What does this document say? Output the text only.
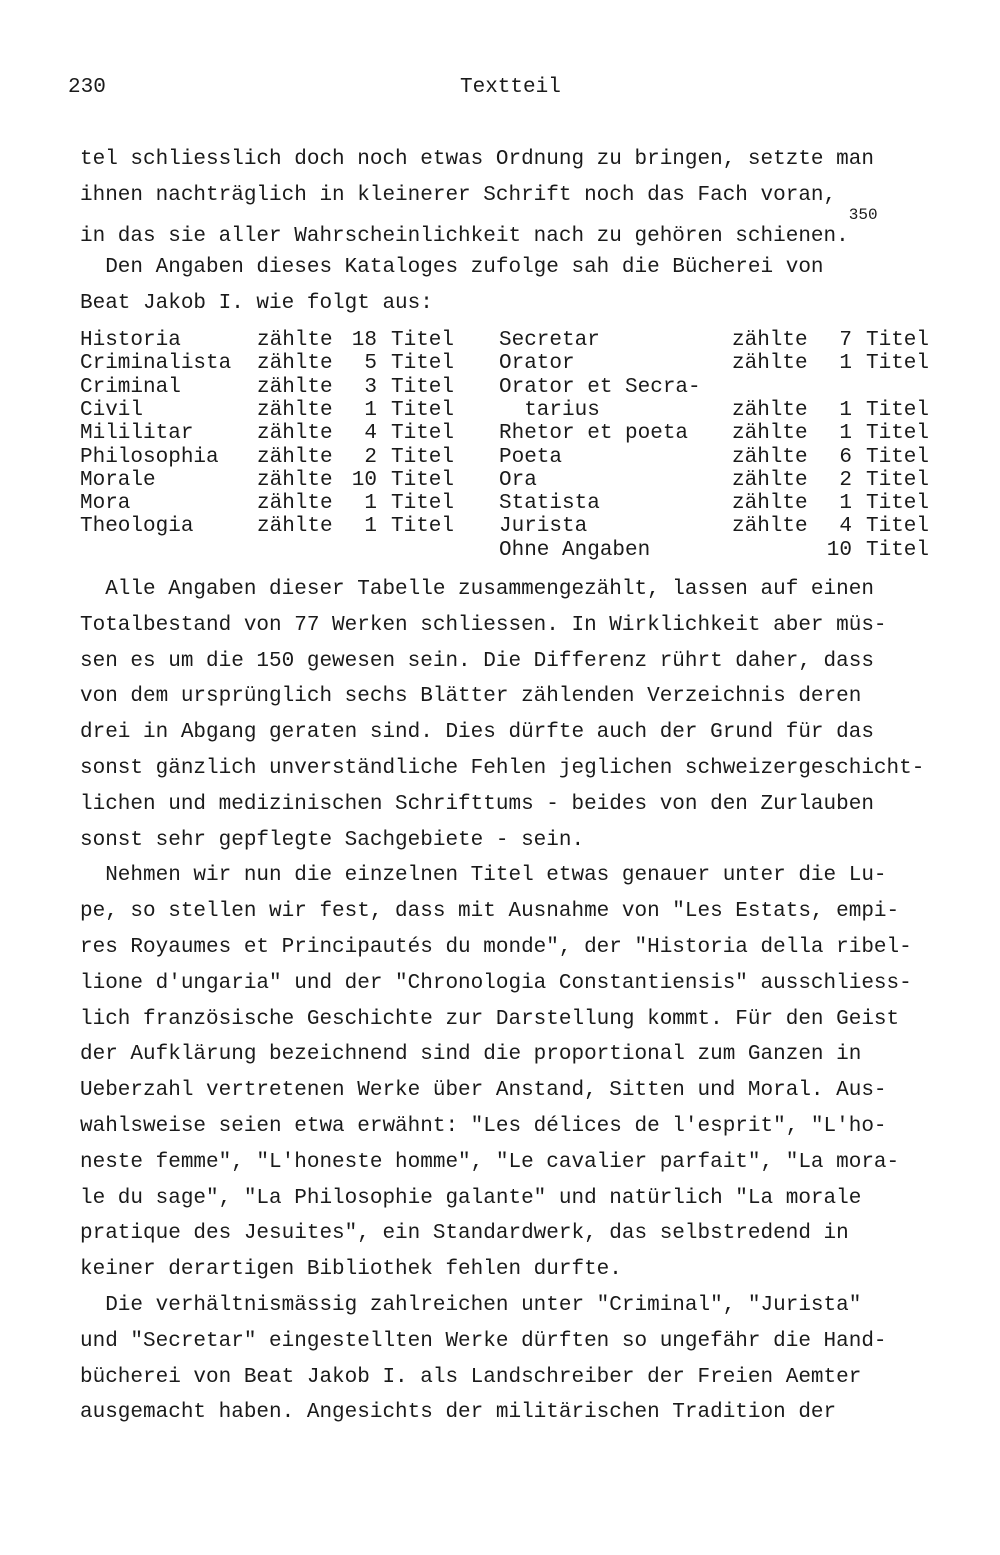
230	Textteil
tel schliesslich doch noch etwas Ordnung zu bringen, setzte man
ihnen nachträglich in kleinerer Schrift noch das Fach voran,
in das sie aller Wahrscheinlichkeit nach zu gehören schienen.$^{350}$
Den Angaben dieses Kataloges zufolge sah die Bücherei von
Beat Jakob I. wie folgt aus:
Historia	zählte 18 Titel
Criminalista zählte 5 Titel
Criminal	zählte 3 Titel
Civil	zählte 1 Titel
Mililitar	zählte 4 Titel
Philosophia zählte 2 Titel
Morale	zählte 10 Titel
Mora	zählte 1 Titel
Theologia	zählte 1 Titel
Secretar	zählte 7 Titel
Orator	zählte 1 Titel
Orator et Secra-
tarius	zählte 1 Titel
Rhetor et poeta zählte 1 Titel
Poeta	zählte 6 Titel
Ora	zählte 2 Titel
Statista	zählte 1 Titel
Jurista	zählte 4 Titel
Ohne Angaben	10 Titel
Alle Angaben dieser Tabelle zusammengezählt, lassen auf einen
Totalbestand von 77 Werken schliessen. In Wirklichkeit aber müs-
sen es um die 150 gewesen sein. Die Differenz rührt daher, dass
von dem ursprünglich sechs Blätter zählenden Verzeichnis deren
drei in Abgang geraten sind. Dies dürfte auch der Grund für das
sonst gänzlich unverständliche Fehlen jeglichen schweizergeschicht-
lichen und medizinischen Schrifttums - beides von den Zurlauben
sonst sehr gepflegte Sachgebiete - sein.
Nehmen wir nun die einzelnen Titel etwas genauer unter die Lu-
pe, so stellen wir fest, dass mit Ausnahme von "Les Estats, empi-
res Royaumes et Principautés du monde", der "Historia della ribel-
lione d'ungaria" und der "Chronologia Constantiensis" ausschliess-
lich französische Geschichte zur Darstellung kommt. Für den Geist
der Aufklärung bezeichnend sind die proportional zum Ganzen in
Ueberzahl vertretenen Werke über Anstand, Sitten und Moral. Aus-
wahlsweise seien etwa erwähnt: "Les délices de l'esprit", "L'ho-
neste femme", "L'honeste homme", "Le cavalier parfait", "La mora-
le du sage", "La Philosophie galante" und natürlich "La morale
pratique des Jesuites", ein Standardwerk, das selbstredend in
keiner derartigen Bibliothek fehlen durfte.
Die verhältnismässig zahlreichen unter "Criminal", "Jurista"
und "Secretar" eingestellten Werke dürften so ungefähr die Hand-
bücherei von Beat Jakob I. als Landschreiber der Freien Aemter
ausgemacht haben. Angesichts der militärischen Tradition der
